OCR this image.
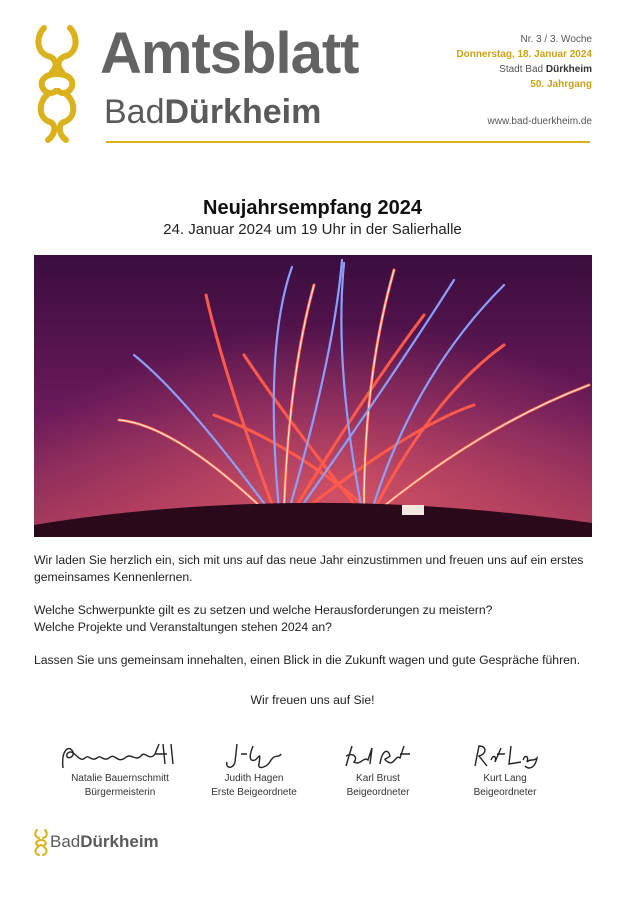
Amtsblatt
BadDürkheim
Nr. 3 / 3. Woche
Donnerstag, 18. Januar 2024
Stadt Bad Dürkheim
50. Jahrgang
www.bad-duerkheim.de
Neujahrsempfang 2024
24. Januar 2024 um 19 Uhr in der Salierhalle

Wir laden Sie herzlich ein, sich mit uns auf das neue Jahr einzustimmen und freuen uns auf ein erstes gemeinsames Kennenlernen.

Welche Schwerpunkte gilt es zu setzen und welche Herausforderungen zu meistern?
Welche Projekte und Veranstaltungen stehen 2024 an?

Lassen Sie uns gemeinsam innehalten, einen Blick in die Zukunft wagen und gute Gespräche führen.

Wir freuen uns auf Sie!
Natalie Bauernschmitt
Bürgermeisterin
Judith Hagen
Erste Beigeordnete
Karl Brust
Beigeordneter
Kurt Lang
Beigeordneter
BadDürkheim
